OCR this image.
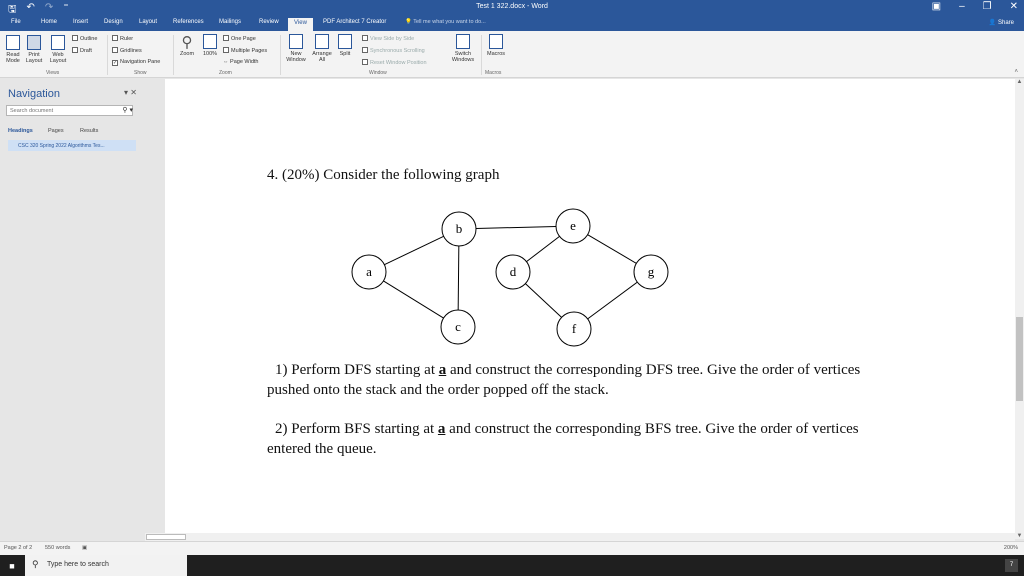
🖫 ↶ ↷ ⁼	Test 1 322.docx - Word	▣ – ❐ ✕
File	Home	Insert	Design	Layout	References	Mailings	Review	View	PDF Architect 7 Creator	💡 Tell me what you want to do...	👤 Share
Read Mode
Print Layout
Web Layout
Outline
Draft
Views
Ruler
Gridlines
✓ Navigation Pane
Show
⚲
Zoom	100%
One Page
Multiple Pages
⇔ Page Width
Zoom
New Window
Arrange All
Split
View Side by Side
Synchronous Scrolling
Reset Window Position
Switch Windows
Window
Macros
Macros	˄
Navigation	▾ ✕
Search document
⚲ ▾
Headings	Pages	Results
CSC 320 Spring 2022 Algorithms Tes...
4. (20%) Consider the following graph
a
b
c
d
e
f
g
1) Perform DFS starting at a and construct the corresponding DFS tree. Give the order of vertices
pushed onto the stack and the order popped off the stack.
2) Perform BFS starting at a and construct the corresponding BFS tree. Give the order of vertices
entered the queue.
▲
▼
Page 2 of 2 550 words ▣	200%
■	⚲ Type here to search	7
